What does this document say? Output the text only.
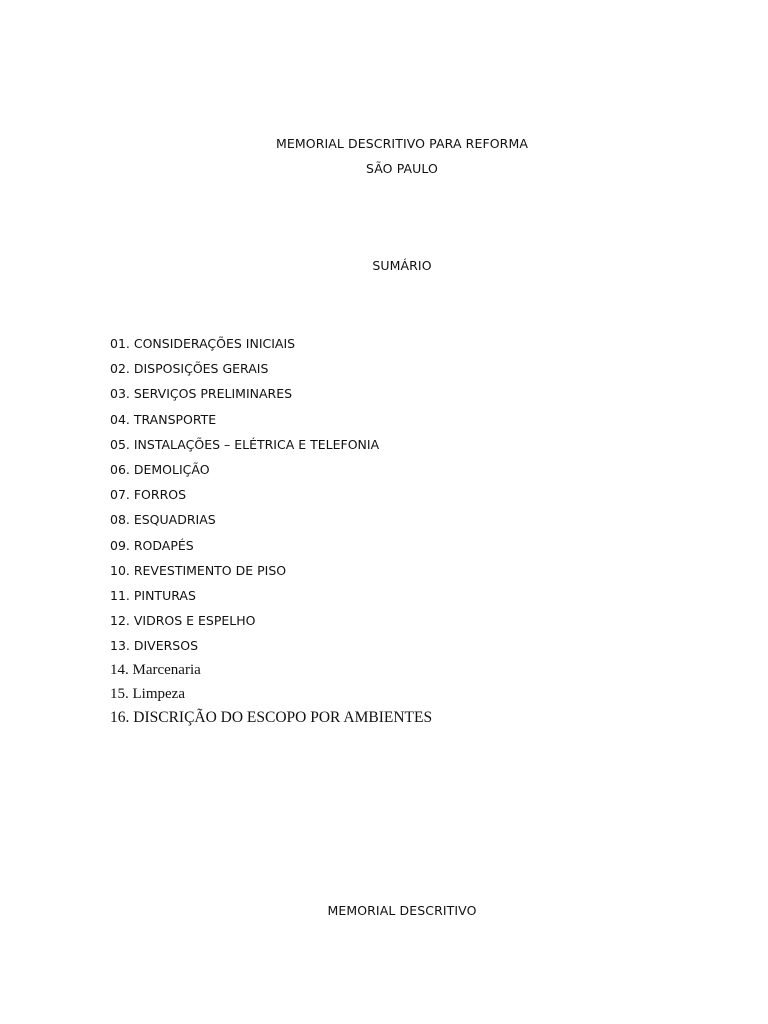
MEMORIAL DESCRITIVO PARA REFORMA
SÃO PAULO
SUMÁRIO
01. CONSIDERAÇÕES INICIAIS
02. DISPOSIÇÕES GERAIS
03. SERVIÇOS PRELIMINARES
04. TRANSPORTE
05. INSTALAÇÕES – ELÉTRICA E TELEFONIA
06. DEMOLIÇÃO
07. FORROS
08. ESQUADRIAS
09. RODAPÉS
10. REVESTIMENTO DE PISO
11. PINTURAS
12. VIDROS E ESPELHO
13. DIVERSOS
14. Marcenaria
15. Limpeza
16. DISCRIÇÃO DO ESCOPO POR AMBIENTES
MEMORIAL DESCRITIVO
